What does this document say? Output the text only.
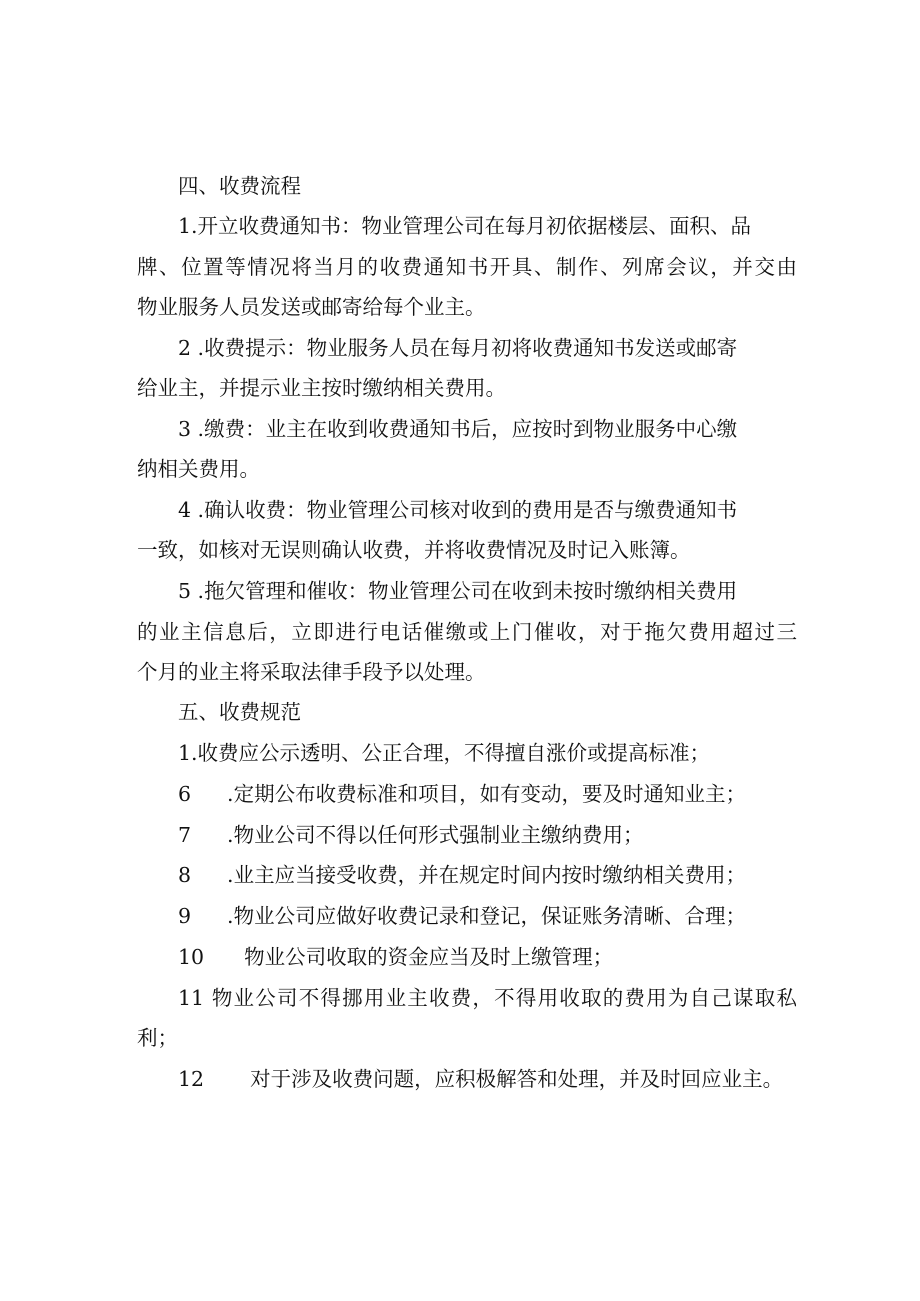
四、收费流程
1.开立收费通知书：物业管理公司在每月初依据楼层、面积、品
牌、位置等情况将当月的收费通知书开具、制作、列席会议，并交由
物业服务人员发送或邮寄给每个业主。
2 .收费提示：物业服务人员在每月初将收费通知书发送或邮寄
给业主，并提示业主按时缴纳相关费用。
3 .缴费：业主在收到收费通知书后，应按时到物业服务中心缴
纳相关费用。
4 .确认收费：物业管理公司核对收到的费用是否与缴费通知书
一致，如核对无误则确认收费，并将收费情况及时记入账簿。
5 .拖欠管理和催收：物业管理公司在收到未按时缴纳相关费用
的业主信息后，立即进行电话催缴或上门催收，对于拖欠费用超过三
个月的业主将采取法律手段予以处理。
五、收费规范
1.收费应公示透明、公正合理，不得擅自涨价或提高标准；
6 .定期公布收费标准和项目，如有变动，要及时通知业主；
7 .物业公司不得以任何形式强制业主缴纳费用；
8 .业主应当接受收费，并在规定时间内按时缴纳相关费用；
9 .物业公司应做好收费记录和登记，保证账务清晰、合理；
10 物业公司收取的资金应当及时上缴管理；
11 物业公司不得挪用业主收费，不得用收取的费用为自己谋取私
利；
12 对于涉及收费问题，应积极解答和处理，并及时回应业主。
